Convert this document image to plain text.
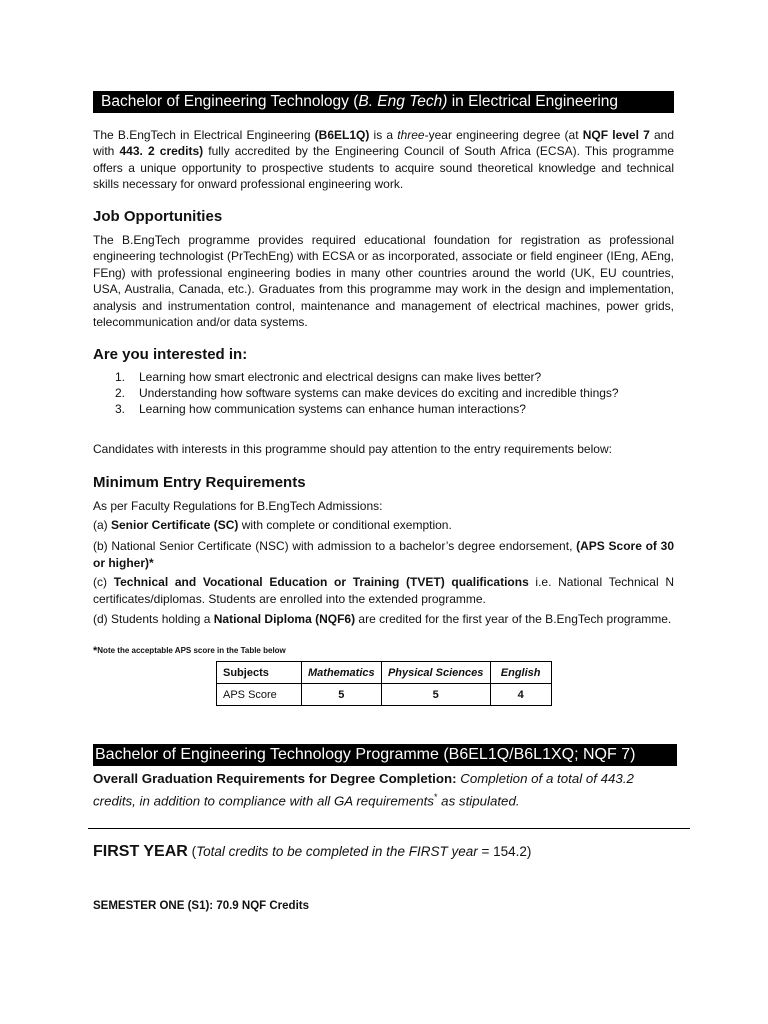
Bachelor of Engineering Technology (B. Eng Tech) in Electrical Engineering
The B.EngTech in Electrical Engineering (B6EL1Q) is a three-year engineering degree (at NQF level 7 and with 443. 2 credits) fully accredited by the Engineering Council of South Africa (ECSA). This programme offers a unique opportunity to prospective students to acquire sound theoretical knowledge and technical skills necessary for onward professional engineering work.
Job Opportunities
The B.EngTech programme provides required educational foundation for registration as professional engineering technologist (PrTechEng) with ECSA or as incorporated, associate or field engineer (IEng, AEng, FEng) with professional engineering bodies in many other countries around the world (UK, EU countries, USA, Australia, Canada, etc.). Graduates from this programme may work in the design and implementation, analysis and instrumentation control, maintenance and management of electrical machines, power grids, telecommunication and/or data systems.
Are you interested in:
1. Learning how smart electronic and electrical designs can make lives better?
2. Understanding how software systems can make devices do exciting and incredible things?
3. Learning how communication systems can enhance human interactions?
Candidates with interests in this programme should pay attention to the entry requirements below:
Minimum Entry Requirements
As per Faculty Regulations for B.EngTech Admissions:
(a) Senior Certificate (SC) with complete or conditional exemption.
(b) National Senior Certificate (NSC) with admission to a bachelor’s degree endorsement, (APS Score of 30 or higher)*
(c) Technical and Vocational Education or Training (TVET) qualifications i.e. National Technical N certificates/diplomas. Students are enrolled into the extended programme.
(d) Students holding a National Diploma (NQF6) are credited for the first year of the B.EngTech programme.
*Note the acceptable APS score in the Table below
Subjects	Mathematics	Physical Sciences	English
APS Score	5	5	4
Bachelor of Engineering Technology Programme (B6EL1Q/B6L1XQ; NQF 7)
Overall Graduation Requirements for Degree Completion: Completion of a total of 443.2 credits, in addition to compliance with all GA requirements* as stipulated.
FIRST YEAR (Total credits to be completed in the FIRST year = 154.2)
SEMESTER ONE (S1): 70.9 NQF Credits
